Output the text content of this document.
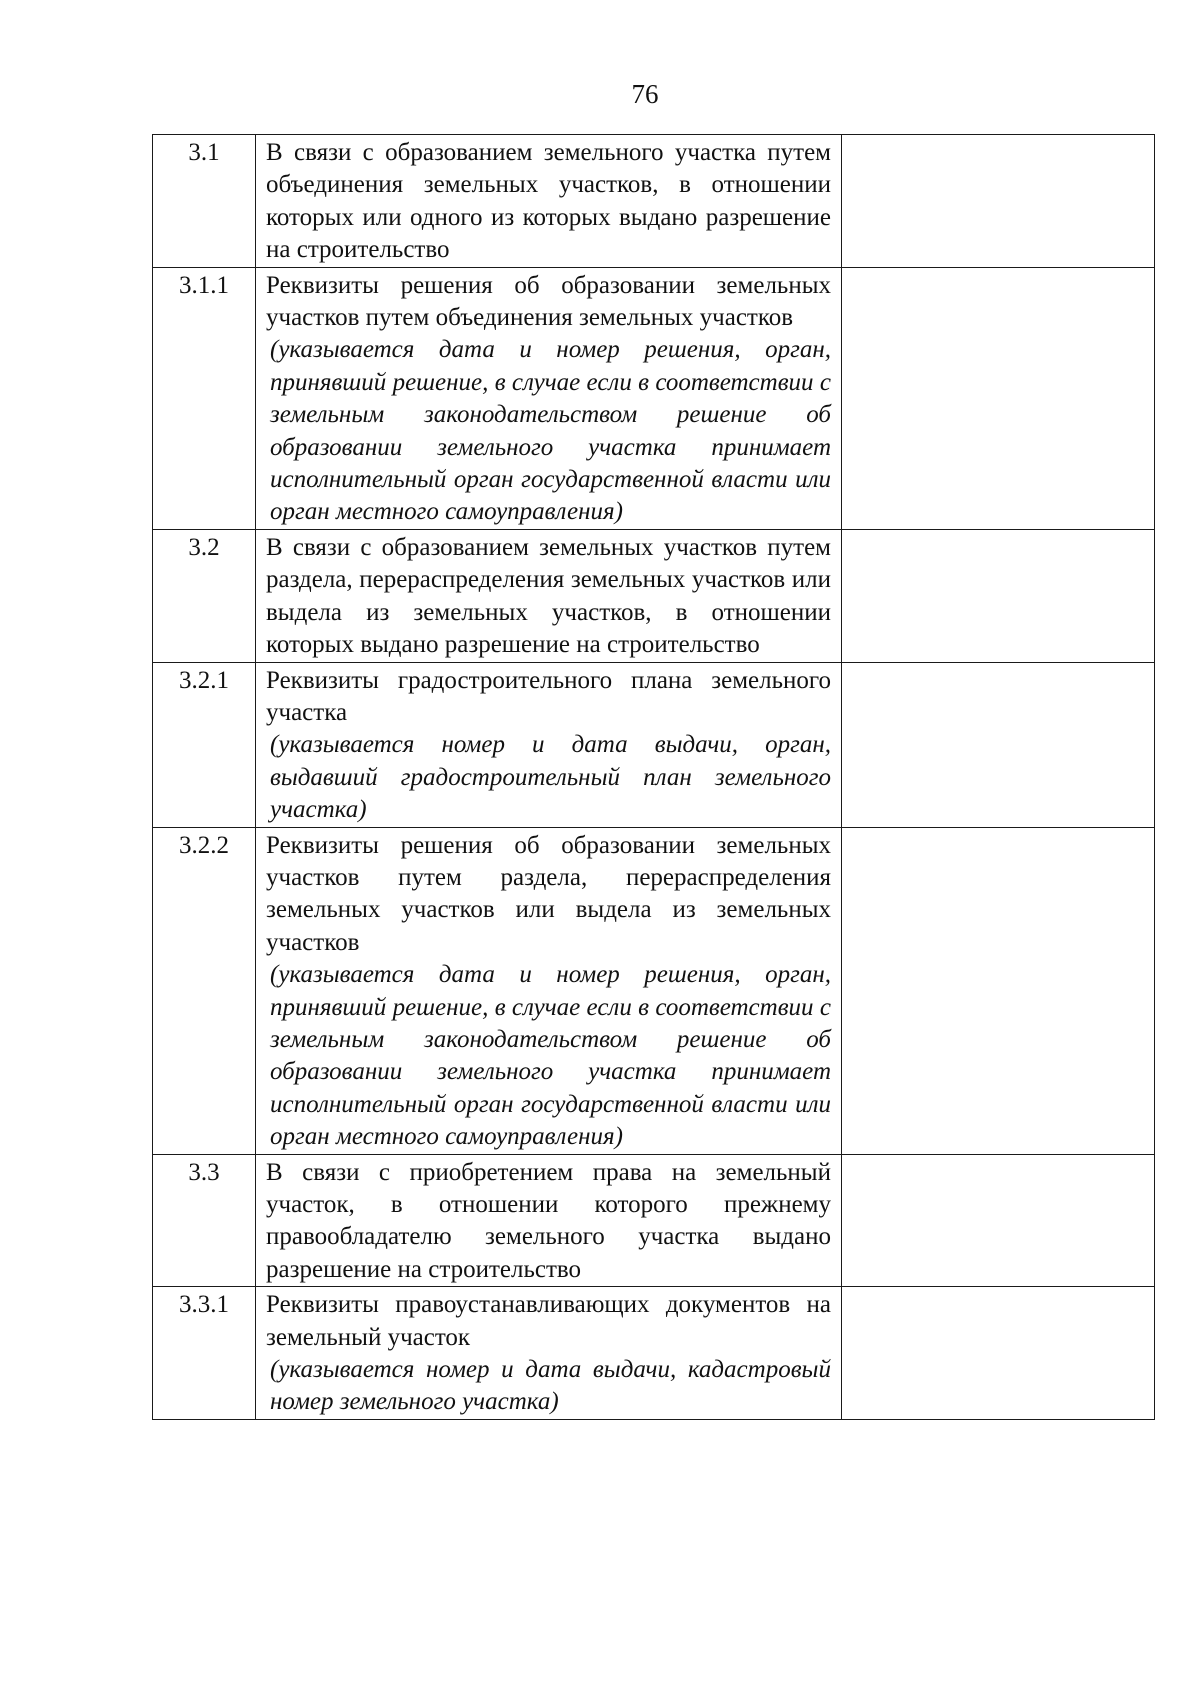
76
3.1	В связи с образованием земельного участка путем объединения земельных участков, в отношении которых или одного из которых выдано разрешение на строительство	

3.1.1	Реквизиты решения об образовании земельных участков путем объединения земельных участков
(указывается дата и номер решения, орган, принявший решение, в случае если в соответствии с земельным законодательством решение об образовании земельного участка принимает исполнительный орган государственной власти или орган местного самоуправления)	

3.2	В связи с образованием земельных участков путем раздела, перераспределения земельных участков или выдела из земельных участков, в отношении которых выдано разрешение на строительство	

3.2.1	Реквизиты градостроительного плана земельного участка
(указывается номер и дата выдачи, орган, выдавший градостроительный план земельного участка)	

3.2.2	Реквизиты решения об образовании земельных участков путем раздела, перераспределения земельных участков или выдела из земельных участков
(указывается дата и номер решения, орган, принявший решение, в случае если в соответствии с земельным законодательством решение об образовании земельного участка принимает исполнительный орган государственной власти или орган местного самоуправления)	

3.3	В связи с приобретением права на земельный участок, в отношении которого прежнему правообладателю земельного участка выдано разрешение на строительство	

3.3.1	Реквизиты правоустанавливающих документов на земельный участок
(указывается номер и дата выдачи, кадастровый номер земельного участка)	
